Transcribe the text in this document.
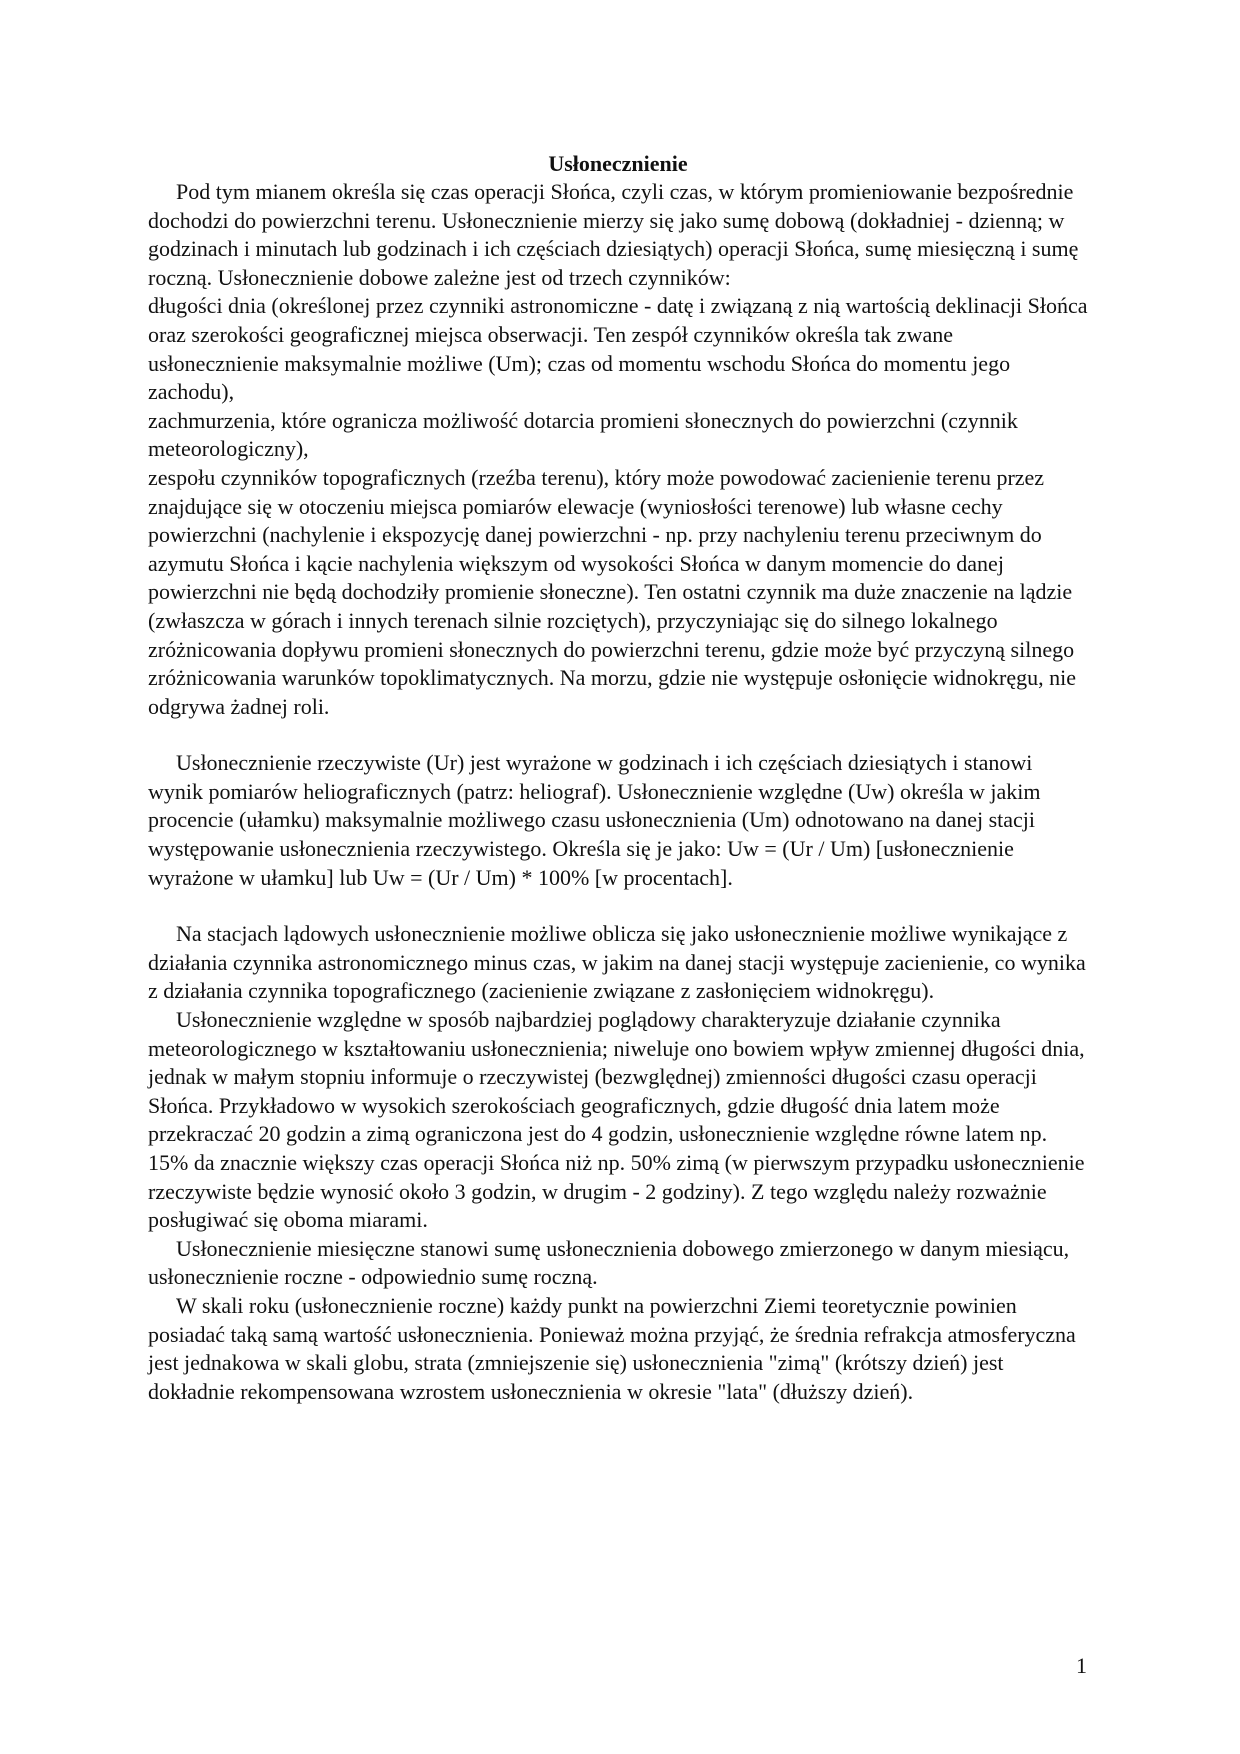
Usłonecznienie

Pod tym mianem określa się czas operacji Słońca, czyli czas, w którym promieniowanie bezpośrednie dochodzi do powierzchni terenu. Usłonecznienie mierzy się jako sumę dobową (dokładniej - dzienną; w godzinach i minutach lub godzinach i ich częściach dziesiątych) operacji Słońca, sumę miesięczną i sumę roczną. Usłonecznienie dobowe zależne jest od trzech czynników:

długości dnia (określonej przez czynniki astronomiczne - datę i związaną z nią wartością deklinacji Słońca oraz szerokości geograficznej miejsca obserwacji. Ten zespół czynników określa tak zwane usłonecznienie maksymalnie możliwe (Um); czas od momentu wschodu Słońca do momentu jego zachodu),

zachmurzenia, które ogranicza możliwość dotarcia promieni słonecznych do powierzchni (czynnik meteorologiczny),

zespołu czynników topograficznych (rzeźba terenu), który może powodować zacienienie terenu przez znajdujące się w otoczeniu miejsca pomiarów elewacje (wyniosłości terenowe) lub własne cechy powierzchni (nachylenie i ekspozycję danej powierzchni - np. przy nachyleniu terenu przeciwnym do azymutu Słońca i kącie nachylenia większym od wysokości Słońca w danym momencie do danej powierzchni nie będą dochodziły promienie słoneczne). Ten ostatni czynnik ma duże znaczenie na lądzie (zwłaszcza w górach i innych terenach silnie rozciętych), przyczyniając się do silnego lokalnego zróżnicowania dopływu promieni słonecznych do powierzchni terenu, gdzie może być przyczyną silnego zróżnicowania warunków topoklimatycznych. Na morzu, gdzie nie występuje osłonięcie widnokręgu, nie odgrywa żadnej roli.

Usłonecznienie rzeczywiste (Ur) jest wyrażone w godzinach i ich częściach dziesiątych i stanowi wynik pomiarów heliograficznych (patrz: heliograf). Usłonecznienie względne (Uw) określa w jakim procencie (ułamku) maksymalnie możliwego czasu usłonecznienia (Um) odnotowano na danej stacji występowanie usłonecznienia rzeczywistego. Określa się je jako: Uw = (Ur / Um) [usłonecznienie wyrażone w ułamku] lub Uw = (Ur / Um) * 100% [w procentach].

Na stacjach lądowych usłonecznienie możliwe oblicza się jako usłonecznienie możliwe wynikające z działania czynnika astronomicznego minus czas, w jakim na danej stacji występuje zacienienie, co wynika z działania czynnika topograficznego (zacienienie związane z zasłonięciem widnokręgu).

Usłonecznienie względne w sposób najbardziej poglądowy charakteryzuje działanie czynnika meteorologicznego w kształtowaniu usłonecznienia; niweluje ono bowiem wpływ zmiennej długości dnia, jednak w małym stopniu informuje o rzeczywistej (bezwględnej) zmienności długości czasu operacji Słońca. Przykładowo w wysokich szerokościach geograficznych, gdzie długość dnia latem może przekraczać 20 godzin a zimą ograniczona jest do 4 godzin, usłonecznienie względne równe latem np. 15% da znacznie większy czas operacji Słońca niż np. 50% zimą (w pierwszym przypadku usłonecznienie rzeczywiste będzie wynosić około 3 godzin, w drugim - 2 godziny). Z tego względu należy rozważnie posługiwać się oboma miarami.

Usłonecznienie miesięczne stanowi sumę usłonecznienia dobowego zmierzonego w danym miesiącu, usłonecznienie roczne - odpowiednio sumę roczną.

W skali roku (usłonecznienie roczne) każdy punkt na powierzchni Ziemi teoretycznie powinien posiadać taką samą wartość usłonecznienia. Ponieważ można przyjąć, że średnia refrakcja atmosferyczna jest jednakowa w skali globu, strata (zmniejszenie się) usłonecznienia "zimą" (krótszy dzień) jest dokładnie rekompensowana wzrostem usłonecznienia w okresie "lata" (dłuższy dzień).

1
